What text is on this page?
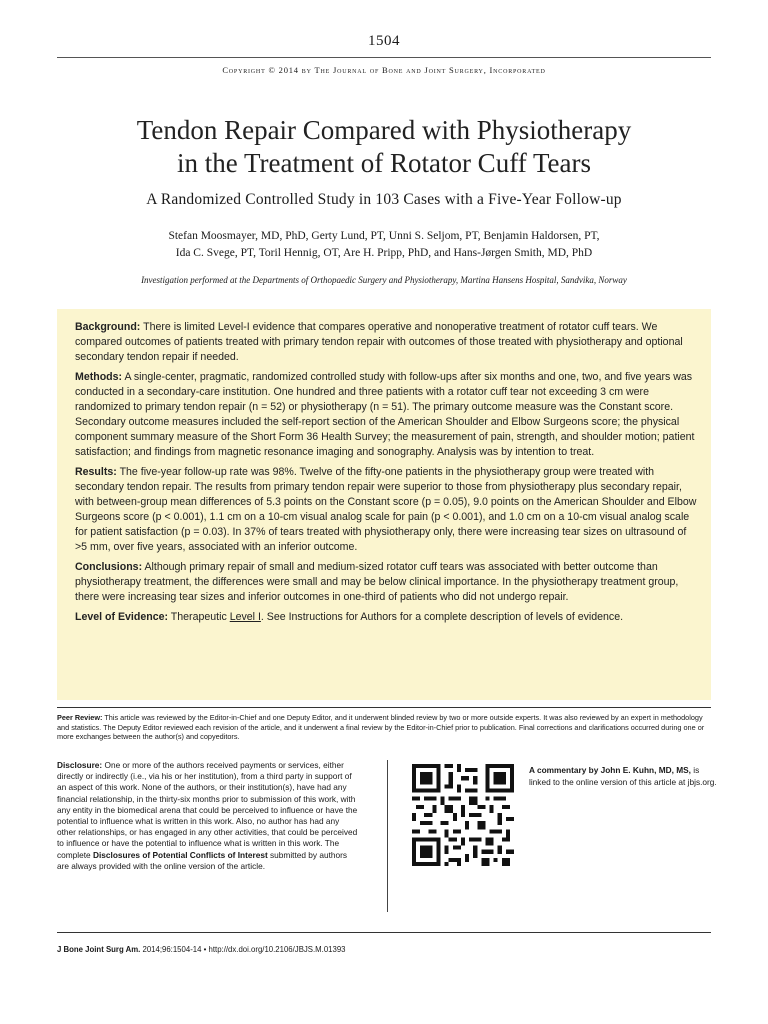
1504
Copyright © 2014 by The Journal of Bone and Joint Surgery, Incorporated
Tendon Repair Compared with Physiotherapy
in the Treatment of Rotator Cuff Tears
A Randomized Controlled Study in 103 Cases with a Five-Year Follow-up
Stefan Moosmayer, MD, PhD, Gerty Lund, PT, Unni S. Seljom, PT, Benjamin Haldorsen, PT,
Ida C. Svege, PT, Toril Hennig, OT, Are H. Pripp, PhD, and Hans-Jørgen Smith, MD, PhD
Investigation performed at the Departments of Orthopaedic Surgery and Physiotherapy, Martina Hansens Hospital, Sandvika, Norway

Background: There is limited Level-I evidence that compares operative and nonoperative treatment of rotator cuff tears. We compared outcomes of patients treated with primary tendon repair with outcomes of those treated with physiotherapy and optional secondary tendon repair if needed.

Methods: A single-center, pragmatic, randomized controlled study with follow-ups after six months and one, two, and five years was conducted in a secondary-care institution. One hundred and three patients with a rotator cuff tear not exceeding 3 cm were randomized to primary tendon repair (n = 52) or physiotherapy (n = 51). The primary outcome measure was the Constant score. Secondary outcome measures included the self-report section of the American Shoulder and Elbow Surgeons score; the physical component summary measure of the Short Form 36 Health Survey; the measurement of pain, strength, and shoulder motion; patient satisfaction; and findings from magnetic resonance imaging and sonography. Analysis was by intention to treat.

Results: The five-year follow-up rate was 98%. Twelve of the fifty-one patients in the physiotherapy group were treated with secondary tendon repair. The results from primary tendon repair were superior to those from physiotherapy plus secondary repair, with between-group mean differences of 5.3 points on the Constant score (p = 0.05), 9.0 points on the American Shoulder and Elbow Surgeons score (p < 0.001), 1.1 cm on a 10-cm visual analog scale for pain (p < 0.001), and 1.0 cm on a 10-cm visual analog scale for patient satisfaction (p = 0.03). In 37% of tears treated with physiotherapy only, there were increasing tear sizes on ultrasound of >5 mm, over five years, associated with an inferior outcome.

Conclusions: Although primary repair of small and medium-sized rotator cuff tears was associated with better outcome than physiotherapy treatment, the differences were small and may be below clinical importance. In the physiotherapy treatment group, there were increasing tear sizes and inferior outcomes in one-third of patients who did not undergo repair.

Level of Evidence: Therapeutic Level I. See Instructions for Authors for a complete description of levels of evidence.

Peer Review: This article was reviewed by the Editor-in-Chief and one Deputy Editor, and it underwent blinded review by two or more outside experts. It was also reviewed by an expert in methodology and statistics. The Deputy Editor reviewed each revision of the article, and it underwent a final review by the Editor-in-Chief prior to publication. Final corrections and clarifications occurred during one or more exchanges between the author(s) and copyeditors.
Disclosure: One or more of the authors received payments or services, either directly or indirectly (i.e., via his or her institution), from a third party in support of an aspect of this work. None of the authors, or their institution(s), have had any financial relationship, in the thirty-six months prior to submission of this work, with any entity in the biomedical arena that could be perceived to influence or have the potential to influence what is written in this work. Also, no author has had any other relationships, or has engaged in any other activities, that could be perceived to influence or have the potential to influence what is written in this work. The complete Disclosures of Potential Conflicts of Interest submitted by authors are always provided with the online version of the article.
A commentary by John E. Kuhn, MD, MS, is linked to the online version of this article at jbjs.org.
J Bone Joint Surg Am. 2014;96:1504-14 • http://dx.doi.org/10.2106/JBJS.M.01393
